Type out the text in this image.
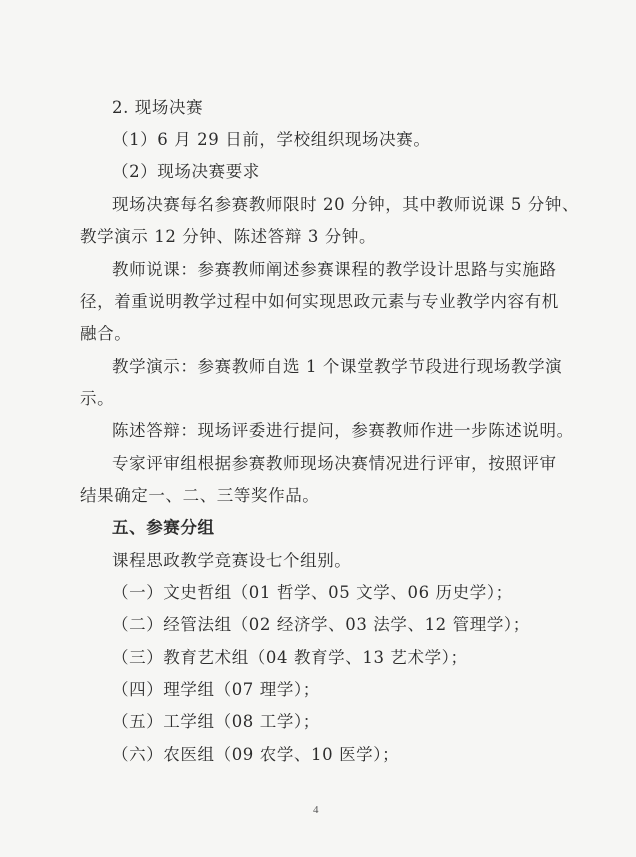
2. 现场决赛
（1）6 月 29 日前，学校组织现场决赛。
（2）现场决赛要求
现场决赛每名参赛教师限时 20 分钟，其中教师说课 5 分钟、
教学演示 12 分钟、陈述答辩 3 分钟。
教师说课：参赛教师阐述参赛课程的教学设计思路与实施路
径，着重说明教学过程中如何实现思政元素与专业教学内容有机
融合。
教学演示：参赛教师自选 1 个课堂教学节段进行现场教学演
示。
陈述答辩：现场评委进行提问，参赛教师作进一步陈述说明。
专家评审组根据参赛教师现场决赛情况进行评审，按照评审
结果确定一、二、三等奖作品。
五、参赛分组
课程思政教学竞赛设七个组别。
（一）文史哲组（01 哲学、05 文学、06 历史学）；
（二）经管法组（02 经济学、03 法学、12 管理学）；
（三）教育艺术组（04 教育学、13 艺术学）；
（四）理学组（07 理学）；
（五）工学组（08 工学）；
（六）农医组（09 农学、10 医学）；
4
